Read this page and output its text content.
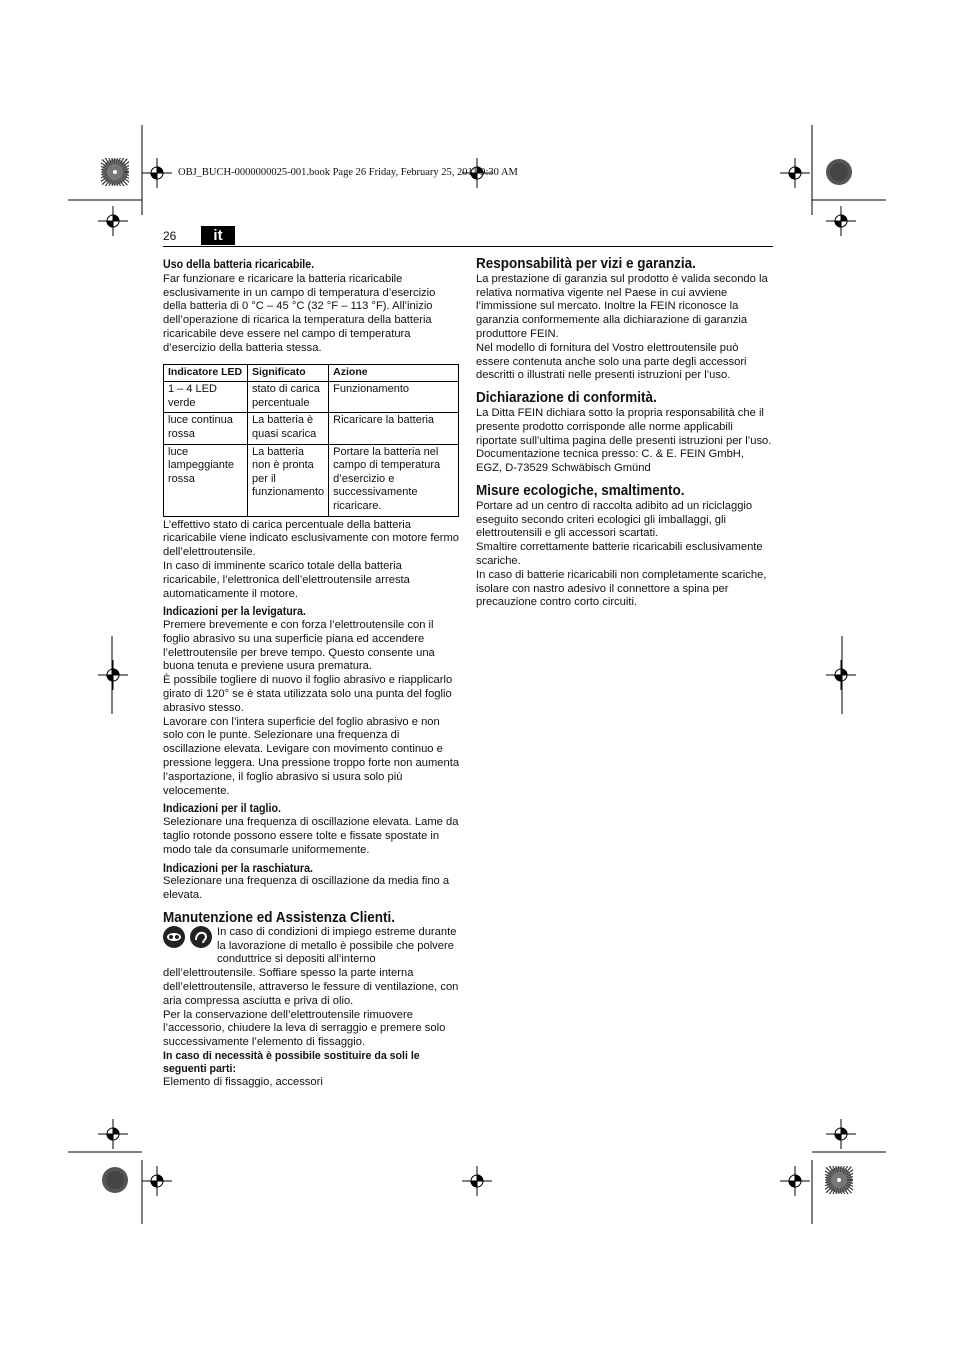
OBJ_BUCH-0000000025-001.book Page 26 Friday, February 25, 2011 9:30 AM
26	it

Uso della batteria ricaricabile.

Far funzionare e ricaricare la batteria ricaricabile esclusivamente in un campo di temperatura d’esercizio della batteria di 0 °C – 45 °C (32 °F – 113 °F). All’inizio dell’operazione di ricarica la temperatura della batteria ricaricabile deve essere nel campo di temperatura d’esercizio della batteria stessa.

Indicatore LED	Significato	Azione
1 – 4 LED verde	stato di carica percentuale	Funzionamento
luce continua rossa	La batteria è quasi scarica	Ricaricare la batteria
luce lampeggiante rossa	La batteria non è pronta per il funzionamento	Portare la batteria nel campo di temperatura d’esercizio e successivamente ricaricare.

L’effettivo stato di carica percentuale della batteria ricaricabile viene indicato esclusivamente con motore fermo dell’elettroutensile.

In caso di imminente scarico totale della batteria ricaricabile, l’elettronica dell’elettroutensile arresta automaticamente il motore.

Indicazioni per la levigatura.

Premere brevemente e con forza l’elettroutensile con il foglio abrasivo su una superficie piana ed accendere l’elettroutensile per breve tempo. Questo consente una buona tenuta e previene usura prematura.

È possibile togliere di nuovo il foglio abrasivo e riapplicarlo girato di 120° se è stata utilizzata solo una punta del foglio abrasivo stesso.

Lavorare con l’intera superficie del foglio abrasivo e non solo con le punte. Selezionare una frequenza di oscillazione elevata. Levigare con movimento continuo e pressione leggera. Una pressione troppo forte non aumenta l’asportazione, il foglio abrasivo si usura solo più velocemente.

Indicazioni per il taglio.

Selezionare una frequenza di oscillazione elevata. Lame da taglio rotonde possono essere tolte e fissate spostate in modo tale da consumarle uniformemente.

Indicazioni per la raschiatura.

Selezionare una frequenza di oscillazione da media fino a elevata.

Manutenzione ed Assistenza Clienti.

In caso di condizioni di impiego estreme durante la lavorazione di metallo è possibile che polvere conduttrice si depositi all’interno dell’elettroutensile. Soffiare spesso la parte interna dell’elettroutensile, attraverso le fessure di ventilazione, con aria compressa asciutta e priva di olio.

Per la conservazione dell’elettroutensile rimuovere l’accessorio, chiudere la leva di serraggio e premere solo successivamente l’elemento di fissaggio.

In caso di necessità è possibile sostituire da soli le seguenti parti:

Elemento di fissaggio, accessori

Responsabilità per vizi e garanzia.

La prestazione di garanzia sul prodotto è valida secondo la relativa normativa vigente nel Paese in cui avviene l’immissione sul mercato. Inoltre la FEIN riconosce la garanzia conformemente alla dichiarazione di garanzia produttore FEIN.

Nel modello di fornitura del Vostro elettroutensile può essere contenuta anche solo una parte degli accessori descritti o illustrati nelle presenti istruzioni per l’uso.

Dichiarazione di conformità.

La Ditta FEIN dichiara sotto la propria responsabilità che il presente prodotto corrisponde alle norme applicabili riportate sull’ultima pagina delle presenti istruzioni per l’uso.

Documentazione tecnica presso: C. & E. FEIN GmbH, EGZ, D-73529 Schwäbisch Gmünd

Misure ecologiche, smaltimento.

Portare ad un centro di raccolta adibito ad un riciclaggio eseguito secondo criteri ecologici gli imballaggi, gli elettroutensili e gli accessori scartati.

Smaltire correttamente batterie ricaricabili esclusivamente scariche.

In caso di batterie ricaricabili non completamente scariche, isolare con nastro adesivo il connettore a spina per precauzione contro corto circuiti.
